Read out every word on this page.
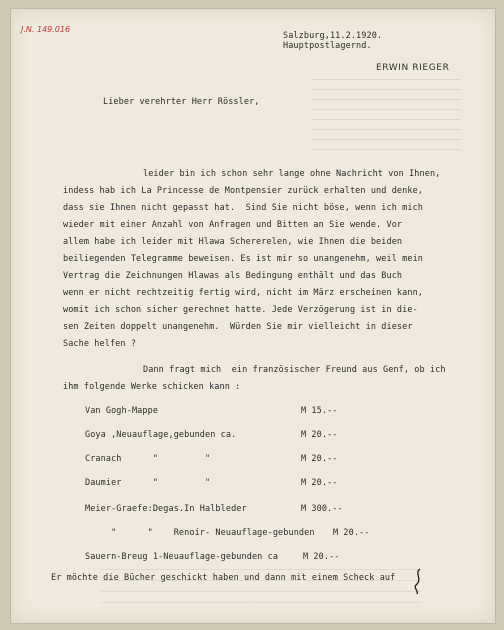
J.N. 149.016
Salzburg,11.2.1920.
Hauptpostlagernd.
ERWIN RIEGER
Lieber verehrter Herr Rössler,
leider bin ich schon sehr lange ohne Nachricht von Ihnen,
indess hab ich La Princesse de Montpensier zurück erhalten und denke,
dass sie Ihnen nicht gepasst hat.  Sind Sie nicht böse, wenn ich mich
wieder mit einer Anzahl von Anfragen und Bitten an Sie wende. Vor
allem habe ich leider mit Hlawa Schererelen, wie Ihnen die beiden
beiliegenden Telegramme beweisen. Es ist mir so unangenehm, weil mein
Vertrag die Zeichnungen Hlawas als Bedingung enthält und das Buch
wenn er nicht rechtzeitig fertig wird, nicht im März erscheinen kann,
womit ich schon sicher gerechnet hatte. Jede Verzögerung ist in die-
sen Zeiten doppelt unangenehm.  Würden Sie mir vielleicht in dieser
Sache helfen ?
Dann fragt mich  ein französischer Freund aus Genf, ob ich
ihm folgende Werke schicken kann :
Van Gogh-Mappe	M 15.--
Goya ,Neuauflage,gebunden ca.	M 20.--
Cranach      "         "	M 20.--
Daumier      "         "	M 20.--
Meier-Graefe:Degas.In Halbleder	M 300.--
"      "    Renoir- Neuauflage-gebunden M 20.--
Sauern-Breug 1-Neuauflage-gebunden ca	M 20.--
Er möchte die Bücher geschickt haben und dann mit einem Scheck auf
